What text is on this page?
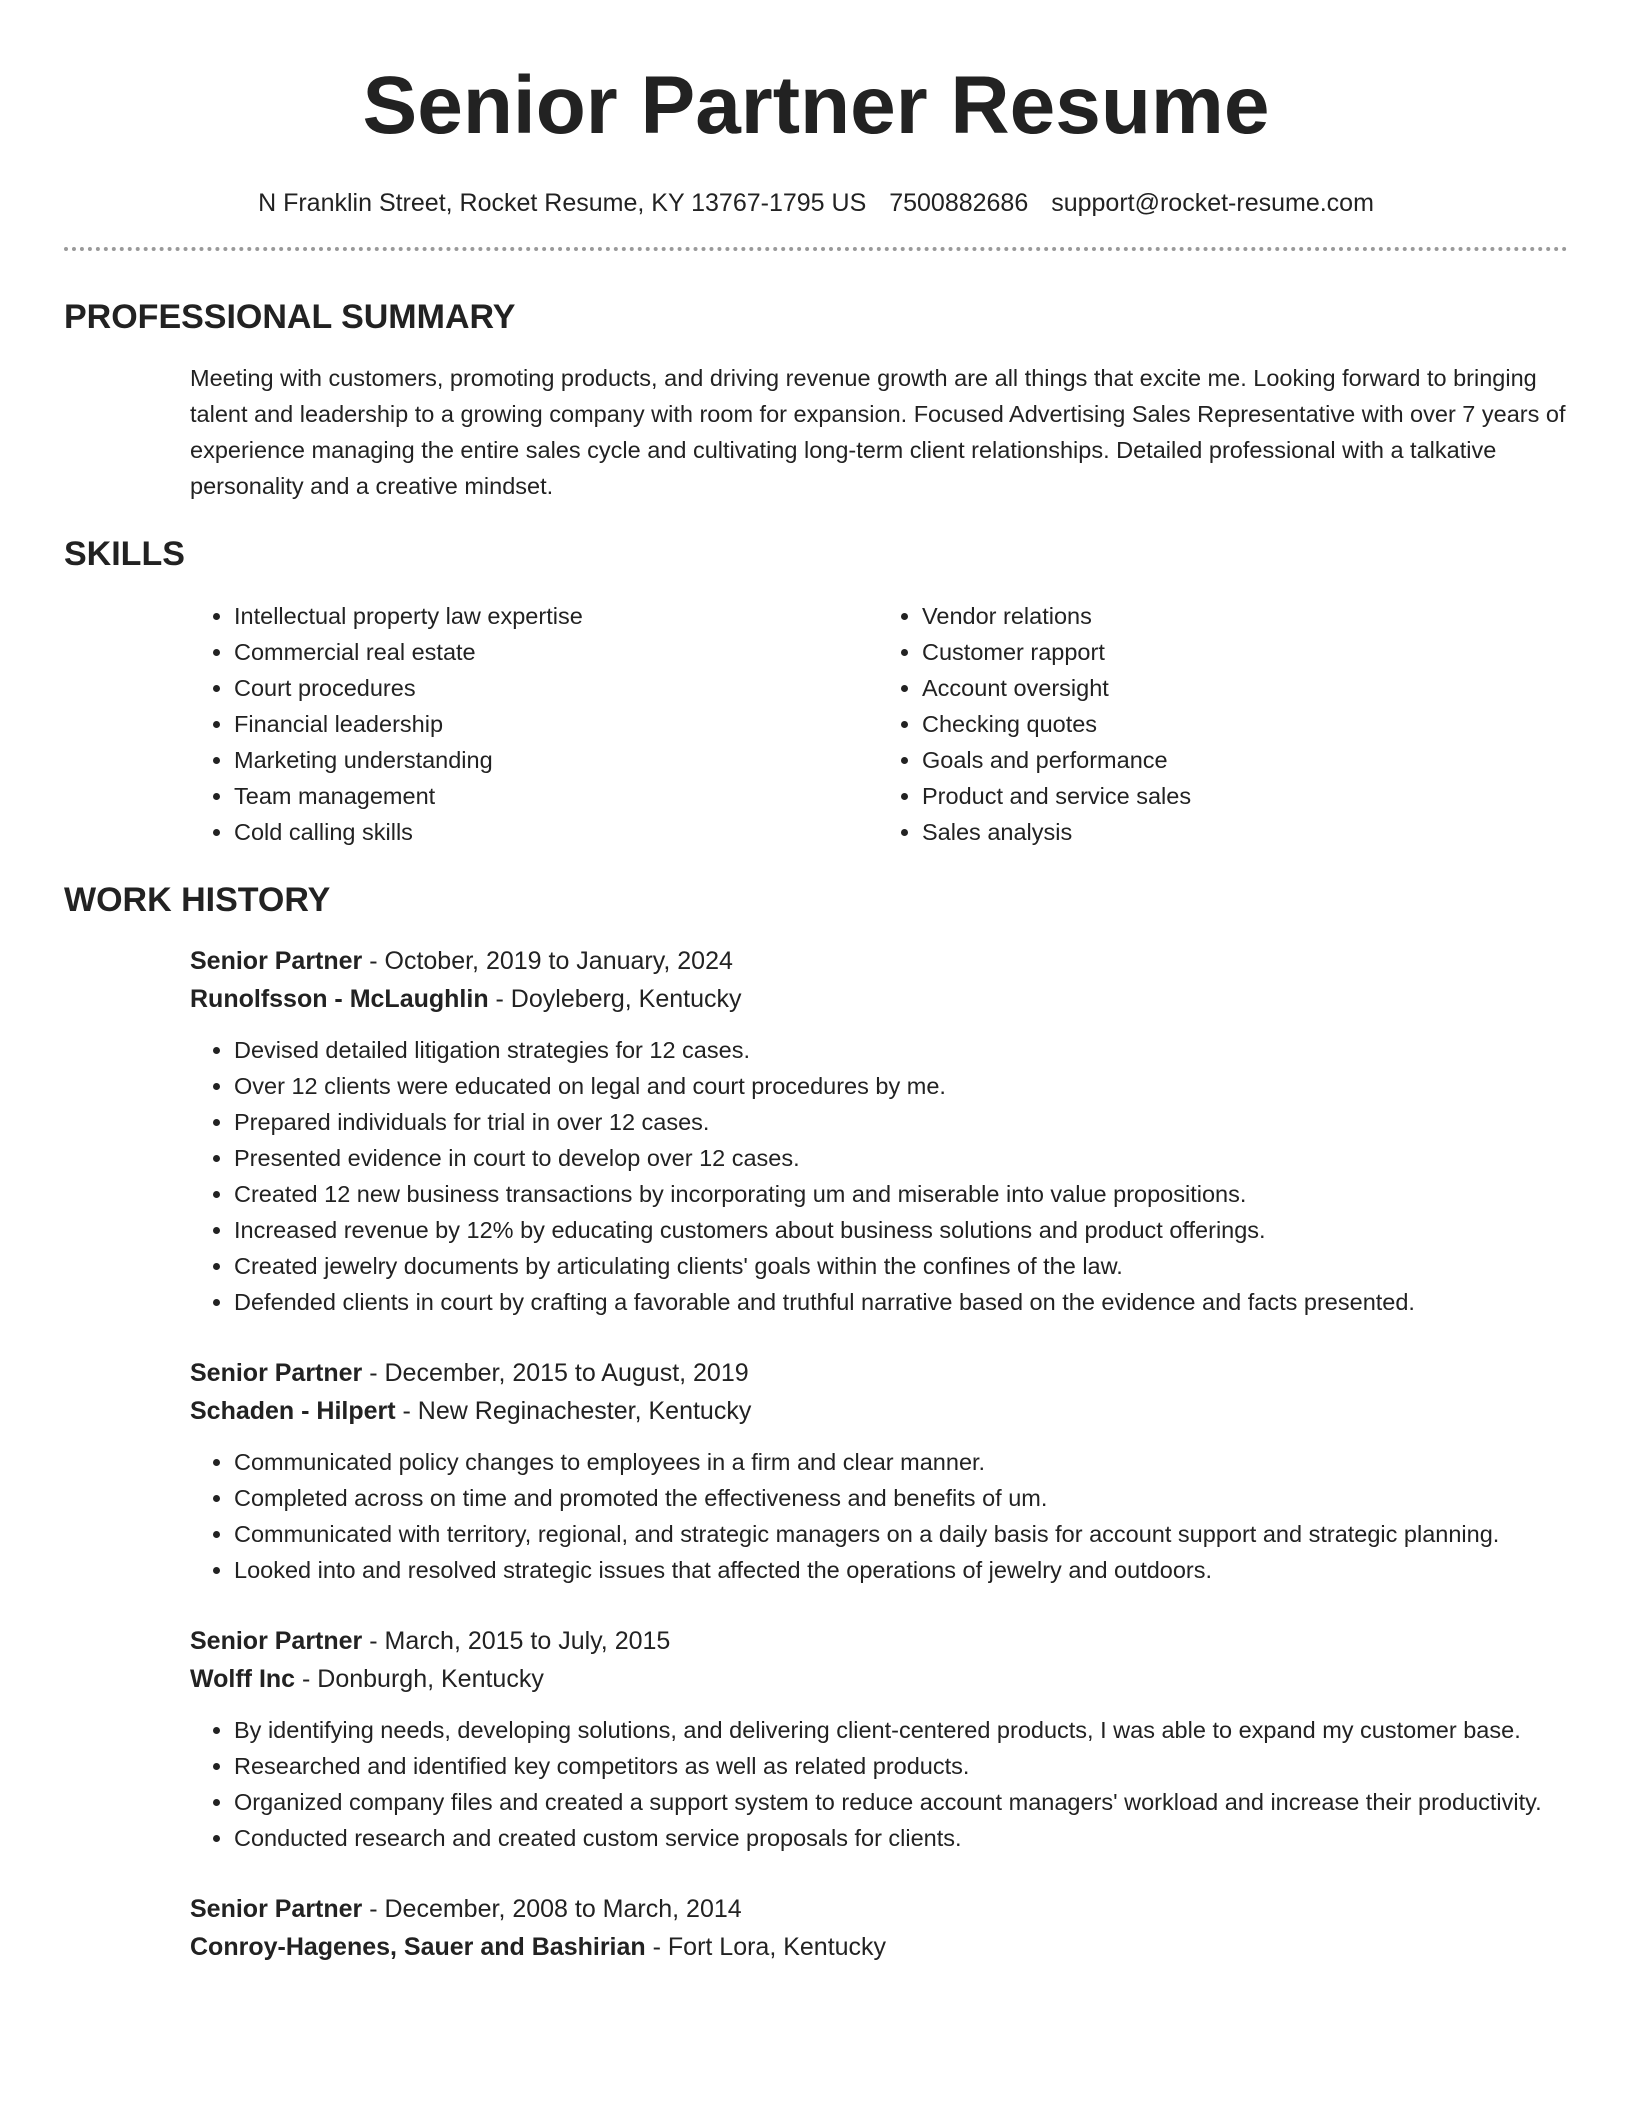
Senior Partner Resume
N Franklin Street, Rocket Resume, KY 13767-1795 US 7500882686 support@rocket-resume.com
PROFESSIONAL SUMMARY

Meeting with customers, promoting products, and driving revenue growth are all things that excite me. Looking forward to bringing talent and leadership to a growing company with room for expansion. Focused Advertising Sales Representative with over 7 years of experience managing the entire sales cycle and cultivating long-term client relationships. Detailed professional with a talkative personality and a creative mindset.

SKILLS
• Intellectual property law expertise
• Commercial real estate
• Court procedures
• Financial leadership
• Marketing understanding
• Team management
• Cold calling skills
• Vendor relations
• Customer rapport
• Account oversight
• Checking quotes
• Goals and performance
• Product and service sales
• Sales analysis
WORK HISTORY
Senior Partner - October, 2019 to January, 2024
Runolfsson - McLaughlin - Doyleberg, Kentucky
• Devised detailed litigation strategies for 12 cases.
• Over 12 clients were educated on legal and court procedures by me.
• Prepared individuals for trial in over 12 cases.
• Presented evidence in court to develop over 12 cases.
• Created 12 new business transactions by incorporating um and miserable into value propositions.
• Increased revenue by 12% by educating customers about business solutions and product offerings.
• Created jewelry documents by articulating clients' goals within the confines of the law.
• Defended clients in court by crafting a favorable and truthful narrative based on the evidence and facts presented.
Senior Partner - December, 2015 to August, 2019
Schaden - Hilpert - New Reginachester, Kentucky
• Communicated policy changes to employees in a firm and clear manner.
• Completed across on time and promoted the effectiveness and benefits of um.
• Communicated with territory, regional, and strategic managers on a daily basis for account support and strategic planning.
• Looked into and resolved strategic issues that affected the operations of jewelry and outdoors.
Senior Partner - March, 2015 to July, 2015
Wolff Inc - Donburgh, Kentucky
• By identifying needs, developing solutions, and delivering client-centered products, I was able to expand my customer base.
• Researched and identified key competitors as well as related products.
• Organized company files and created a support system to reduce account managers' workload and increase their productivity.
• Conducted research and created custom service proposals for clients.
Senior Partner - December, 2008 to March, 2014
Conroy-Hagenes, Sauer and Bashirian - Fort Lora, Kentucky
